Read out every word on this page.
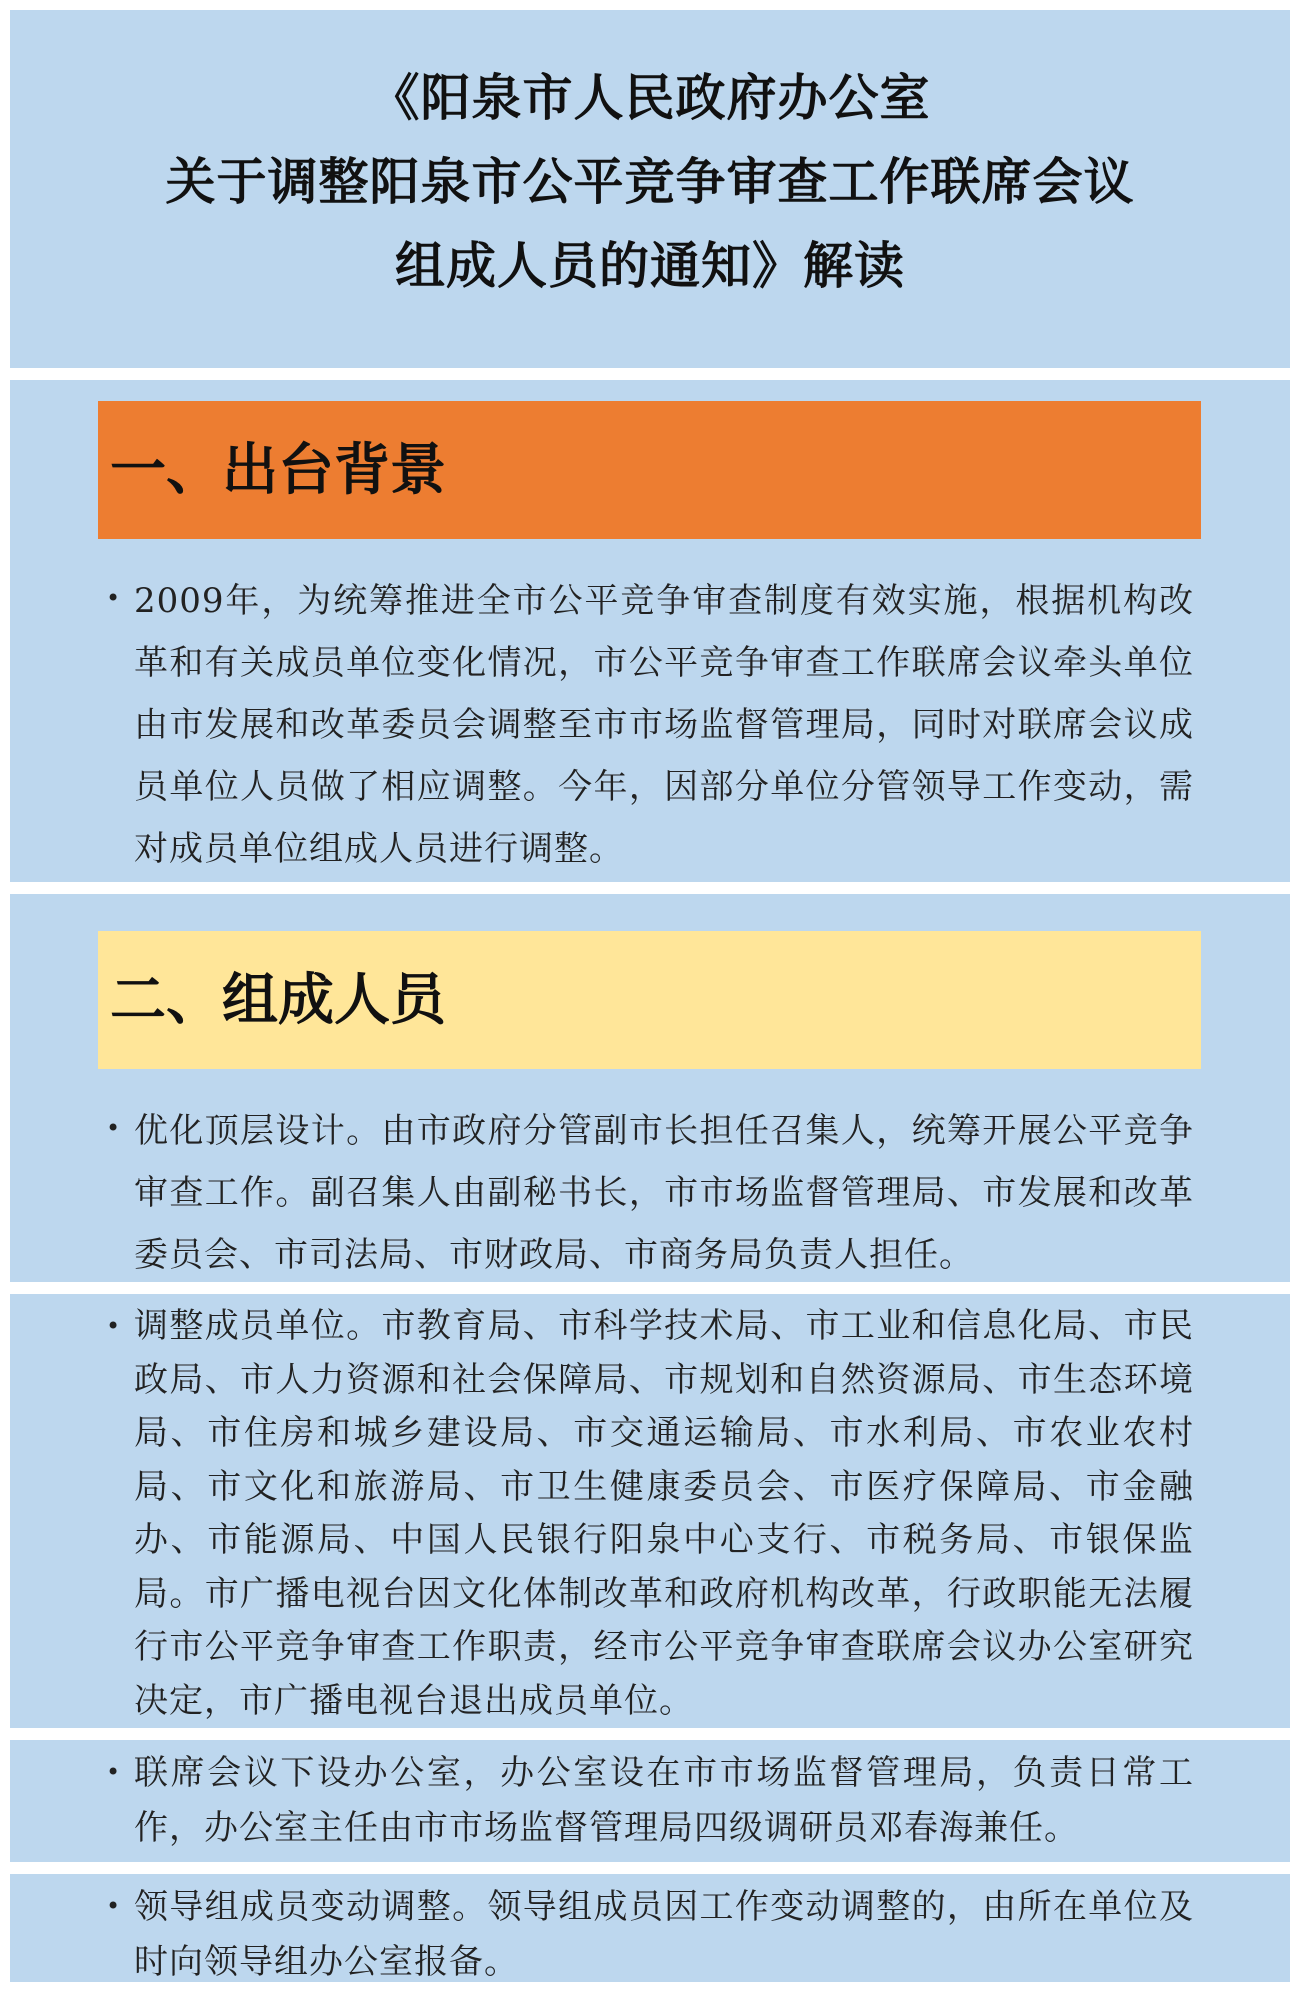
《阳泉市人民政府办公室
关于调整阳泉市公平竞争审查工作联席会议
组成人员的通知》解读
一、出台背景
• 2009年，为统筹推进全市公平竞争审查制度有效实施，根据机构改革和有关成员单位变化情况，市公平竞争审查工作联席会议牵头单位由市发展和改革委员会调整至市市场监督管理局，同时对联席会议成员单位人员做了相应调整。今年，因部分单位分管领导工作变动，需对成员单位组成人员进行调整。
二、组成人员
• 优化顶层设计。由市政府分管副市长担任召集人，统筹开展公平竞争审查工作。副召集人由副秘书长，市市场监督管理局、市发展和改革委员会、市司法局、市财政局、市商务局负责人担任。
• 调整成员单位。市教育局、市科学技术局、市工业和信息化局、市民政局、市人力资源和社会保障局、市规划和自然资源局、市生态环境局、市住房和城乡建设局、市交通运输局、市水利局、市农业农村局、市文化和旅游局、市卫生健康委员会、市医疗保障局、市金融办、市能源局、中国人民银行阳泉中心支行、市税务局、市银保监局。市广播电视台因文化体制改革和政府机构改革，行政职能无法履行市公平竞争审查工作职责，经市公平竞争审查联席会议办公室研究决定，市广播电视台退出成员单位。
• 联席会议下设办公室，办公室设在市市场监督管理局，负责日常工作，办公室主任由市市场监督管理局四级调研员邓春海兼任。
• 领导组成员变动调整。领导组成员因工作变动调整的，由所在单位及时向领导组办公室报备。
